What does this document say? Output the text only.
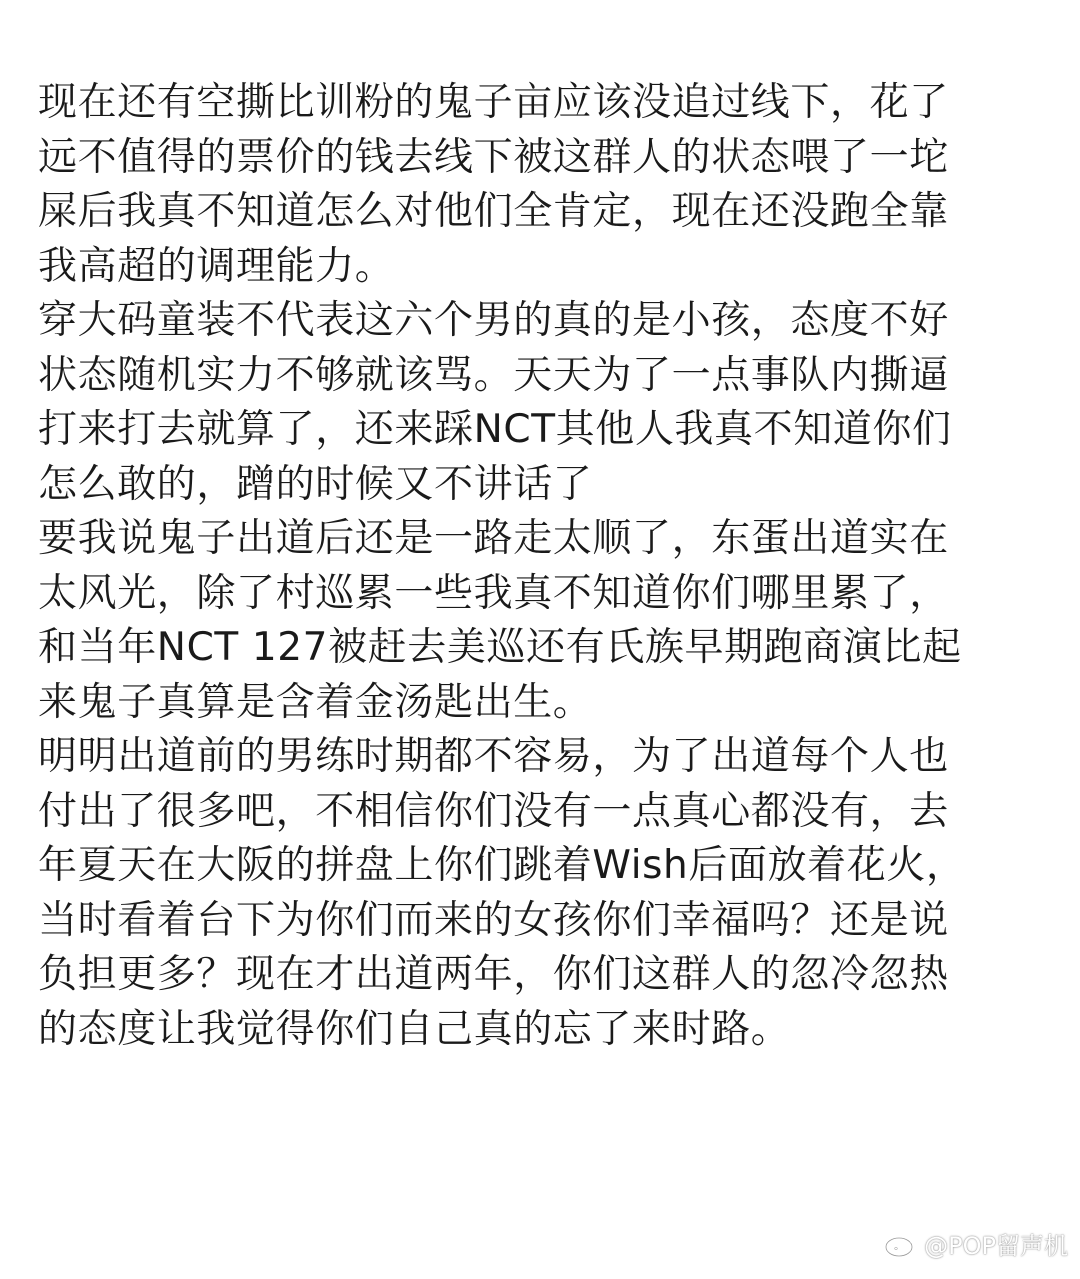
现在还有空撕比训粉的鬼子亩应该没追过线下，花了
远不值得的票价的钱去线下被这群人的状态喂了一坨
屎后我真不知道怎么对他们全肯定，现在还没跑全靠
我高超的调理能力。
穿大码童装不代表这六个男的真的是小孩，态度不好
状态随机实力不够就该骂。天天为了一点事队内撕逼
打来打去就算了，还来踩NCT其他人我真不知道你们
怎么敢的，蹭的时候又不讲话了
要我说鬼子出道后还是一路走太顺了，东蛋出道实在
太风光，除了村巡累一些我真不知道你们哪里累了，
和当年NCT 127被赶去美巡还有氏族早期跑商演比起
来鬼子真算是含着金汤匙出生。
明明出道前的男练时期都不容易，为了出道每个人也
付出了很多吧，不相信你们没有一点真心都没有，去
年夏天在大阪的拼盘上你们跳着Wish后面放着花火，
当时看着台下为你们而来的女孩你们幸福吗？还是说
负担更多？现在才出道两年，你们这群人的忽冷忽热
的态度让我觉得你们自己真的忘了来时路。
@POP留声机
